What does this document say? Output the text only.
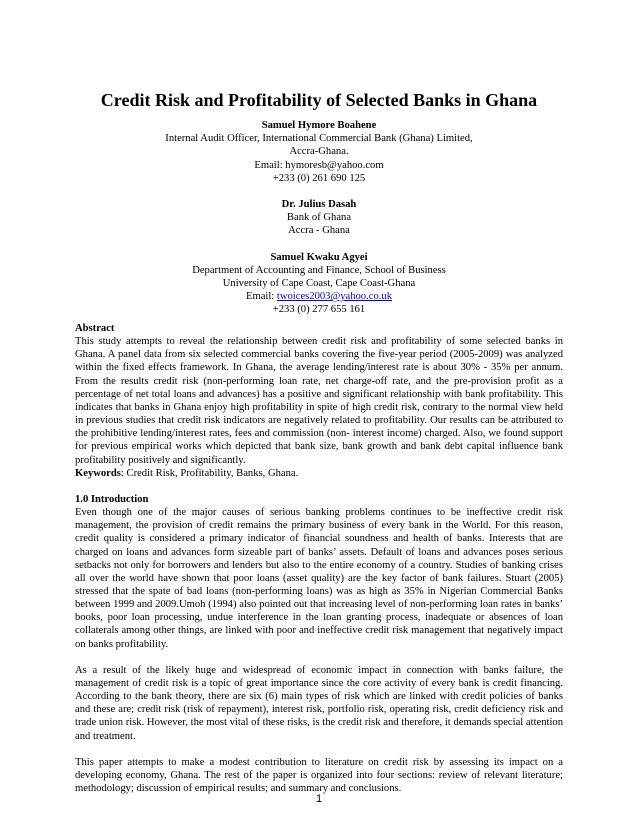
Credit Risk and Profitability of Selected Banks in Ghana
Samuel Hymore Boahene
Internal Audit Officer, International Commercial Bank (Ghana) Limited,
Accra-Ghana.
Email: hymoresb@yahoo.com
+233 (0) 261 690 125
Dr. Julius Dasah
Bank of Ghana
Accra - Ghana
Samuel Kwaku Agyei
Department of Accounting and Finance, School of Business
University of Cape Coast, Cape Coast-Ghana
Email: twoices2003@yahoo.co.uk
+233 (0) 277 655 161

Abstract
This study attempts to reveal the relationship between credit risk and profitability of some selected banks in Ghana. A panel data from six selected commercial banks covering the five-year period (2005-2009) was analyzed within the fixed effects framework. In Ghana, the average lending/interest rate is about 30% - 35% per annum. From the results credit risk (non-performing loan rate, net charge-off rate, and the pre-provision profit as a percentage of net total loans and advances) has a positive and significant relationship with bank profitability. This indicates that banks in Ghana enjoy high profitability in spite of high credit risk, contrary to the normal view held in previous studies that credit risk indicators are negatively related to profitability. Our results can be attributed to the prohibitive lending/interest rates, fees and commission (non- interest income) charged. Also, we found support for previous empirical works which depicted that bank size, bank growth and bank debt capital influence bank profitability positively and significantly.
Keywords: Credit Risk, Profitability, Banks, Ghana.

1.0 Introduction
Even though one of the major causes of serious banking problems continues to be ineffective credit risk management, the provision of credit remains the primary business of every bank in the World. For this reason, credit quality is considered a primary indicator of financial soundness and health of banks. Interests that are charged on loans and advances form sizeable part of banks’ assets. Default of loans and advances poses serious setbacks not only for borrowers and lenders but also to the entire economy of a country. Studies of banking crises all over the world have shown that poor loans (asset quality) are the key factor of bank failures. Stuart (2005) stressed that the spate of bad loans (non-performing loans) was as high as 35% in Nigerian Commercial Banks between 1999 and 2009.Umoh (1994) also pointed out that increasing level of non-performing loan rates in banks’ books, poor loan processing, undue interference in the loan granting process, inadequate or absences of loan collaterals among other things, are linked with poor and ineffective credit risk management that negatively impact on banks profitability.

As a result of the likely huge and widespread of economic impact in connection with banks failure, the management of credit risk is a topic of great importance since the core activity of every bank is credit financing. According to the bank theory, there are six (6) main types of risk which are linked with credit policies of banks and these are; credit risk (risk of repayment), interest risk, portfolio risk, operating risk, credit deficiency risk and trade union risk. However, the most vital of these risks, is the credit risk and therefore, it demands special attention and treatment.

This paper attempts to make a modest contribution to literature on credit risk by assessing its impact on a developing economy, Ghana. The rest of the paper is organized into four sections: review of relevant literature; methodology; discussion of empirical results; and summary and conclusions.

1
